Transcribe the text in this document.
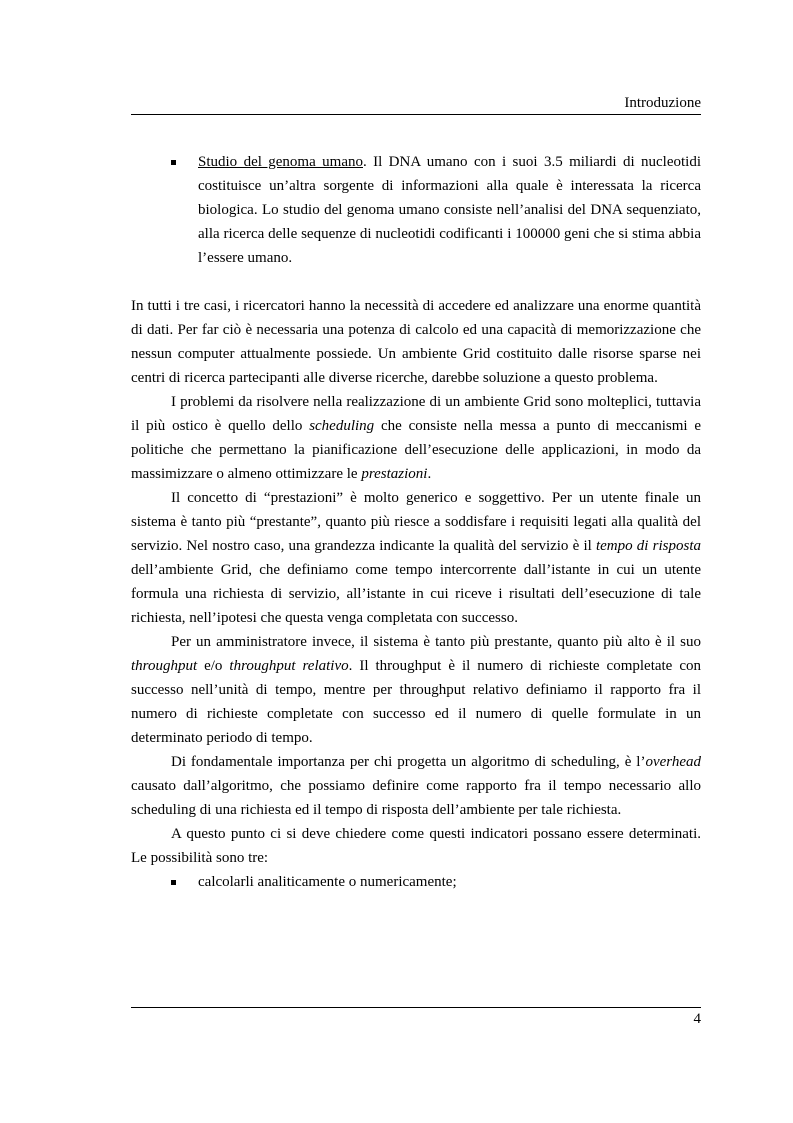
Introduzione
Studio del genoma umano. Il DNA umano con i suoi 3.5 miliardi di nucleotidi costituisce un’altra sorgente di informazioni alla quale è interessata la ricerca biologica. Lo studio del genoma umano consiste nell’analisi del DNA sequenziato, alla ricerca delle sequenze di nucleotidi codificanti i 100000 geni che si stima abbia l’essere umano.

In tutti i tre casi, i ricercatori hanno la necessità di accedere ed analizzare una enorme quantità di dati. Per far ciò è necessaria una potenza di calcolo ed una capacità di memorizzazione che nessun computer attualmente possiede. Un ambiente Grid costituito dalle risorse sparse nei centri di ricerca partecipanti alle diverse ricerche, darebbe soluzione a questo problema.

I problemi da risolvere nella realizzazione di un ambiente Grid sono molteplici, tuttavia il più ostico è quello dello scheduling che consiste nella messa a punto di meccanismi e politiche che permettano la pianificazione dell’esecuzione delle applicazioni, in modo da massimizzare o almeno ottimizzare le prestazioni.

Il concetto di “prestazioni” è molto generico e soggettivo. Per un utente finale un sistema è tanto più “prestante”, quanto più riesce a soddisfare i requisiti legati alla qualità del servizio. Nel nostro caso, una grandezza indicante la qualità del servizio è il tempo di risposta dell’ambiente Grid, che definiamo come tempo intercorrente dall’istante in cui un utente formula una richiesta di servizio, all’istante in cui riceve i risultati dell’esecuzione di tale richiesta, nell’ipotesi che questa venga completata con successo.

Per un amministratore invece, il sistema è tanto più prestante, quanto più alto è il suo throughput e/o throughput relativo. Il throughput è il numero di richieste completate con successo nell’unità di tempo, mentre per throughput relativo definiamo il rapporto fra il numero di richieste completate con successo ed il numero di quelle formulate in un determinato periodo di tempo.

Di fondamentale importanza per chi progetta un algoritmo di scheduling, è l’overhead causato dall’algoritmo, che possiamo definire come rapporto fra il tempo necessario allo scheduling di una richiesta ed il tempo di risposta dell’ambiente per tale richiesta.

A questo punto ci si deve chiedere come questi indicatori possano essere determinati. Le possibilità sono tre:

calcolarli analiticamente o numericamente;
4
